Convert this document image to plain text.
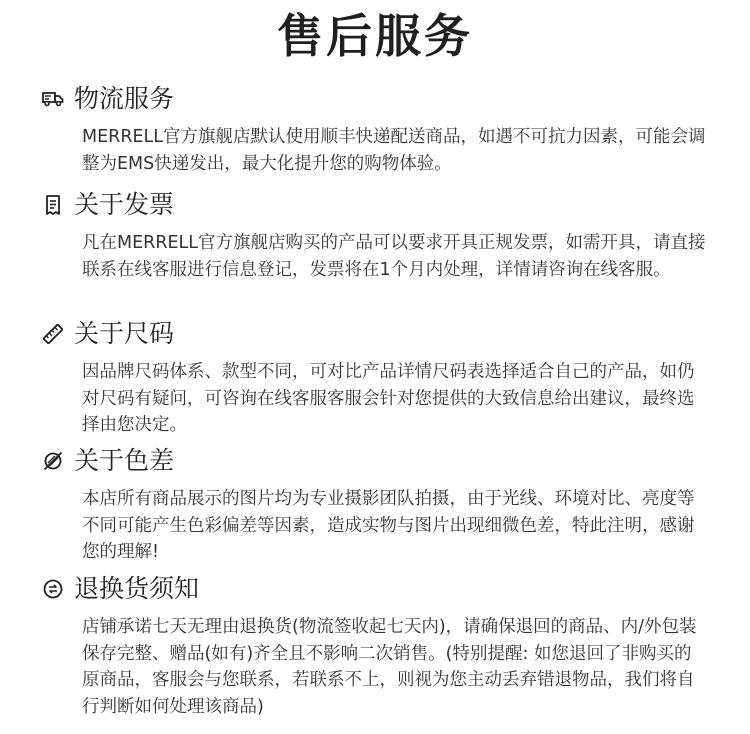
售后服务
物流服务
MERRELL官方旗舰店默认使用顺丰快递配送商品，如遇不可抗力因素，可能会调整为EMS快递发出，最大化提升您的购物体验。
关于发票
凡在MERRELL官方旗舰店购买的产品可以要求开具正规发票，如需开具，请直接联系在线客服进行信息登记，发票将在1个月内处理，详情请咨询在线客服。
关于尺码
因品牌尺码体系、款型不同，可对比产品详情尺码表选择适合自己的产品，如仍对尺码有疑问，可咨询在线客服客服会针对您提供的大致信息给出建议，最终选择由您决定。
关于色差
本店所有商品展示的图片均为专业摄影团队拍摄，由于光线、环境对比、亮度等不同可能产生色彩偏差等因素，造成实物与图片出现细微色差，特此注明，感谢您的理解!
退换货须知
店铺承诺七天无理由退换货(物流签收起七天内)，请确保退回的商品、内/外包装保存完整、赠品(如有)齐全且不影响二次销售。(特别提醒: 如您退回了非购买的原商品，客服会与您联系，若联系不上，则视为您主动丢弃错退物品，我们将自行判断如何处理该商品)
